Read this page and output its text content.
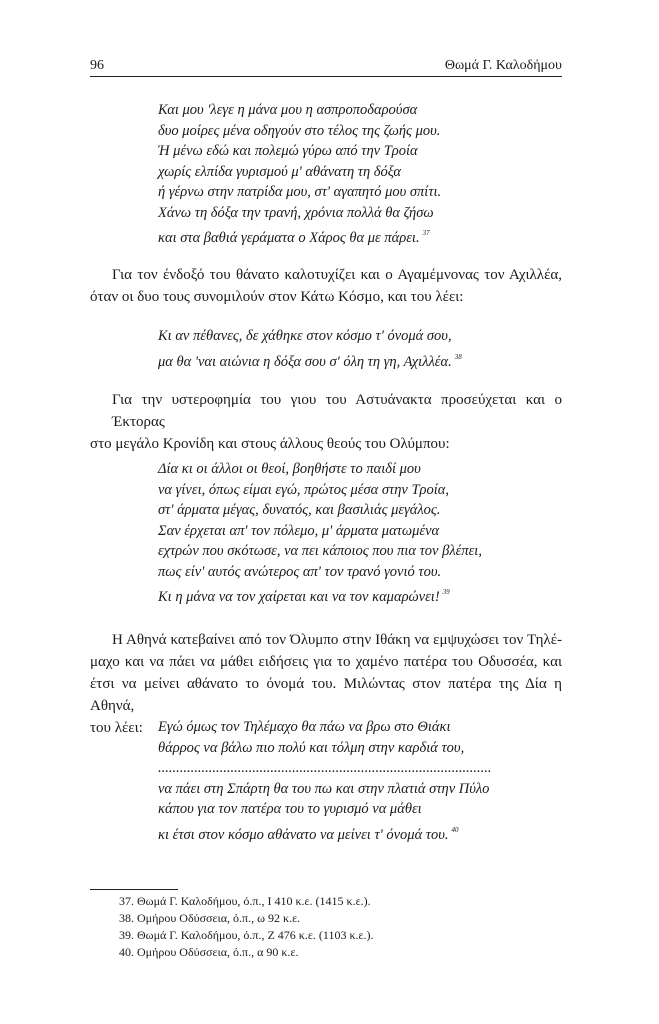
96	Θωμά Γ. Καλοδήμου
Και μου 'λεγε η μάνα μου η ασπροποδαρούσα
δυο μοίρες μένα οδηγούν στο τέλος της ζωής μου.
Ή μένω εδώ και πολεμώ γύρω από την Τροία
χωρίς ελπίδα γυρισμού μ' αθάνατη τη δόξα
ή γέρνω στην πατρίδα μου, στ' αγαπητό μου σπίτι.
Χάνω τη δόξα την τρανή, χρόνια πολλά θα ζήσω
και στα βαθιά γεράματα ο Χάρος θα με πάρει. $^{37}$
Για τον ένδοξό του θάνατο καλοτυχίζει και ο Αγαμέμνονας τον Αχιλλέα,
όταν οι δυο τους συνομιλούν στον Κάτω Κόσμο, και του λέει:
Κι αν πέθανες, δε χάθηκε στον κόσμο τ' όνομά σου,
μα θα 'ναι αιώνια η δόξα σου σ' όλη τη γη, Αχιλλέα. $^{38}$
Για την υστεροφημία του γιου του Αστυάνακτα προσεύχεται και ο Έκτορας
στο μεγάλο Κρονίδη και στους άλλους θεούς του Ολύμπου:
Δία κι οι άλλοι οι θεοί, βοηθήστε το παιδί μου
να γίνει, όπως είμαι εγώ, πρώτος μέσα στην Τροία,
στ' άρματα μέγας, δυνατός, και βασιλιάς μεγάλος.
Σαν έρχεται απ' τον πόλεμο, μ' άρματα ματωμένα
εχτρών που σκότωσε, να πει κάποιος που πια τον βλέπει,
πως είν' αυτός ανώτερος απ' τον τρανό γονιό του.
Κι η μάνα να τον χαίρεται και να τον καμαρώνει! $^{39}$
Η Αθηνά κατεβαίνει από τον Όλυμπο στην Ιθάκη να εμψυχώσει τον Τηλέ-
μαχο και να πάει να μάθει ειδήσεις για το χαμένο πατέρα του Οδυσσέα, και
έτσι να μείνει αθάνατο το όνομά του. Μιλώντας στον πατέρα της Δία η Αθηνά,
του λέει:	Εγώ όμως τον Τηλέμαχο θα πάω να βρω στο Θιάκι
θάρρος να βάλω πιο πολύ και τόλμη στην καρδιά του,
............................................................................................
να πάει στη Σπάρτη θα του πω και στην πλατιά στην Πύλο
κάπου για τον πατέρα του το γυρισμό να μάθει
κι έτσι στον κόσμο αθάνατο να μείνει τ' όνομά του. $^{40}$
37. Θωμά Γ. Καλοδήμου, ό.π., Ι 410 κ.ε. (1415 κ.ε.).
38. Ομήρου Οδύσσεια, ό.π., ω 92 κ.ε.
39. Θωμά Γ. Καλοδήμου, ό.π., Ζ 476 κ.ε. (1103 κ.ε.).
40. Ομήρου Οδύσσεια, ό.π., α 90 κ.ε.
